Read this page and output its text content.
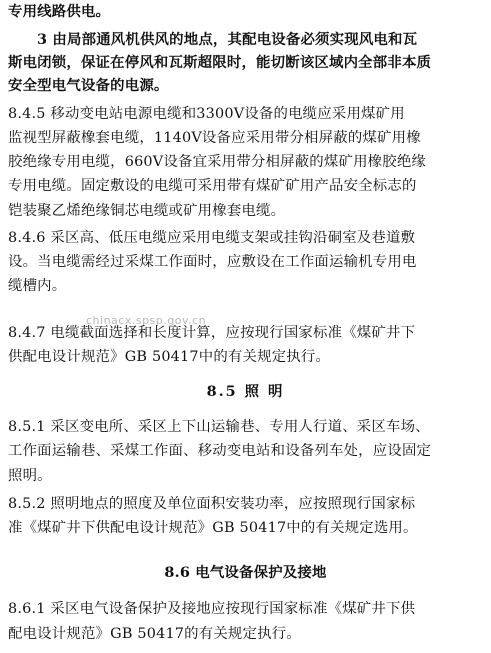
专用线路供电。
3 由局部通风机供风的地点，其配电设备必须实现风电和瓦
斯电闭锁，保证在停风和瓦斯超限时，能切断该区域内全部非本质
安全型电气设备的电源。
8.4.5 移动变电站电源电缆和3300V设备的电缆应采用煤矿用
监视型屏蔽橡套电缆，1140V设备应采用带分相屏蔽的煤矿用橡
胶绝缘专用电缆，660V设备宜采用带分相屏蔽的煤矿用橡胶绝缘
专用电缆。固定敷设的电缆可采用带有煤矿矿用产品安全标志的
铠装聚乙烯绝缘铜芯电缆或矿用橡套电缆。
8.4.6 采区高、低压电缆应采用电缆支架或挂钩沿硐室及巷道敷
设。当电缆需经过采煤工作面时，应敷设在工作面运输机专用电
缆槽内。
chinacx.spsp.gov.cn
8.4.7 电缆截面选择和长度计算，应按现行国家标准《煤矿井下
供配电设计规范》GB 50417中的有关规定执行。
8.5 照 明
8.5.1 采区变电所、采区上下山运输巷、专用人行道、采区车场、
工作面运输巷、采煤工作面、移动变电站和设备列车处，应设固定
照明。
8.5.2 照明地点的照度及单位面积安装功率，应按照现行国家标
准《煤矿井下供配电设计规范》GB 50417中的有关规定选用。
8.6 电气设备保护及接地
8.6.1 采区电气设备保护及接地应按现行国家标准《煤矿井下供
配电设计规范》GB 50417的有关规定执行。
